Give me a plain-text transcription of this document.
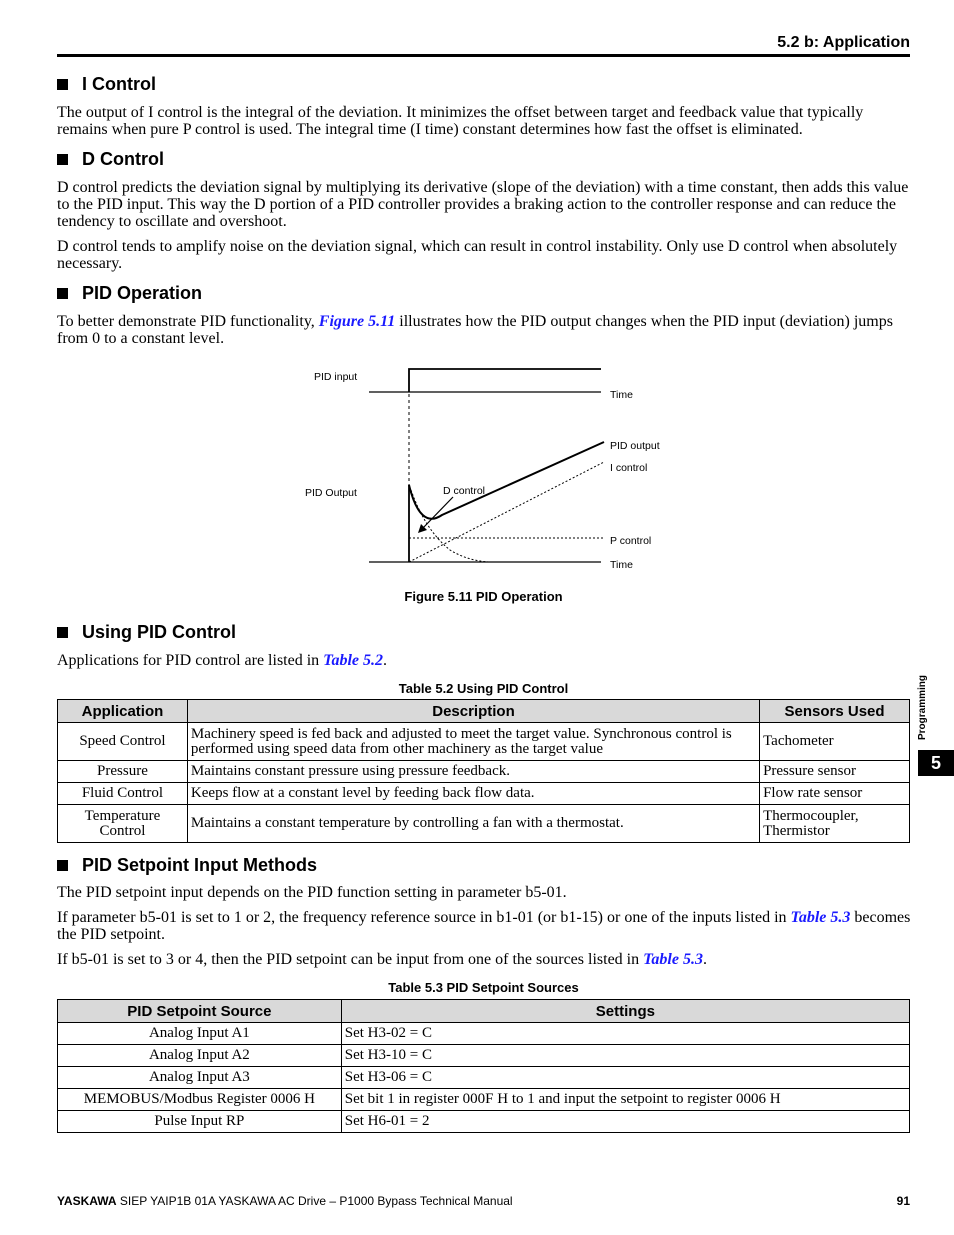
5.2 b: Application
I Control

The output of I control is the integral of the deviation. It minimizes the offset between target and feedback value that typically remains when pure P control is used. The integral time (I time) constant determines how fast the offset is eliminated.

D Control

D control predicts the deviation signal by multiplying its derivative (slope of the deviation) with a time constant, then adds this value to the PID input. This way the D portion of a PID controller provides a braking action to the controller response and can reduce the tendency to oscillate and overshoot.

D control tends to amplify noise on the deviation signal, which can result in control instability. Only use D control when absolutely necessary.

PID Operation

To better demonstrate PID functionality, Figure 5.11 illustrates how the PID output changes when the PID input (deviation) jumps from 0 to a constant level.

PID input
Time
PID output
I control
PID Output	D control
P control
Time
Figure 5.11 PID Operation
Using PID Control

Applications for PID control are listed in Table 5.2.

Table 5.2 Using PID Control
Application	Description	Sensors Used
Speed Control	Machinery speed is fed back and adjusted to meet the target value. Synchronous control is performed using speed data from other machinery as the target value	Tachometer
Pressure	Maintains constant pressure using pressure feedback.	Pressure sensor
Fluid Control	Keeps flow at a constant level by feeding back flow data.	Flow rate sensor
Temperature Control	Maintains a constant temperature by controlling a fan with a thermostat.	Thermocoupler, Thermistor
PID Setpoint Input Methods

The PID setpoint input depends on the PID function setting in parameter b5-01.

If parameter b5-01 is set to 1 or 2, the frequency reference source in b1-01 (or b1-15) or one of the inputs listed in Table 5.3 becomes the PID setpoint.

If b5-01 is set to 3 or 4, then the PID setpoint can be input from one of the sources listed in Table 5.3.

Table 5.3 PID Setpoint Sources
PID Setpoint Source	Settings
Analog Input A1	Set H3-02 = C
Analog Input A2	Set H3-10 = C
Analog Input A3	Set H3-06 = C
MEMOBUS/Modbus Register 0006 H	Set bit 1 in register 000F H to 1 and input the setpoint to register 0006 H
Pulse Input RP	Set H6-01 = 2
Programming
5
YASKAWA SIEP YAIP1B 01A YASKAWA AC Drive – P1000 Bypass Technical Manual	91
